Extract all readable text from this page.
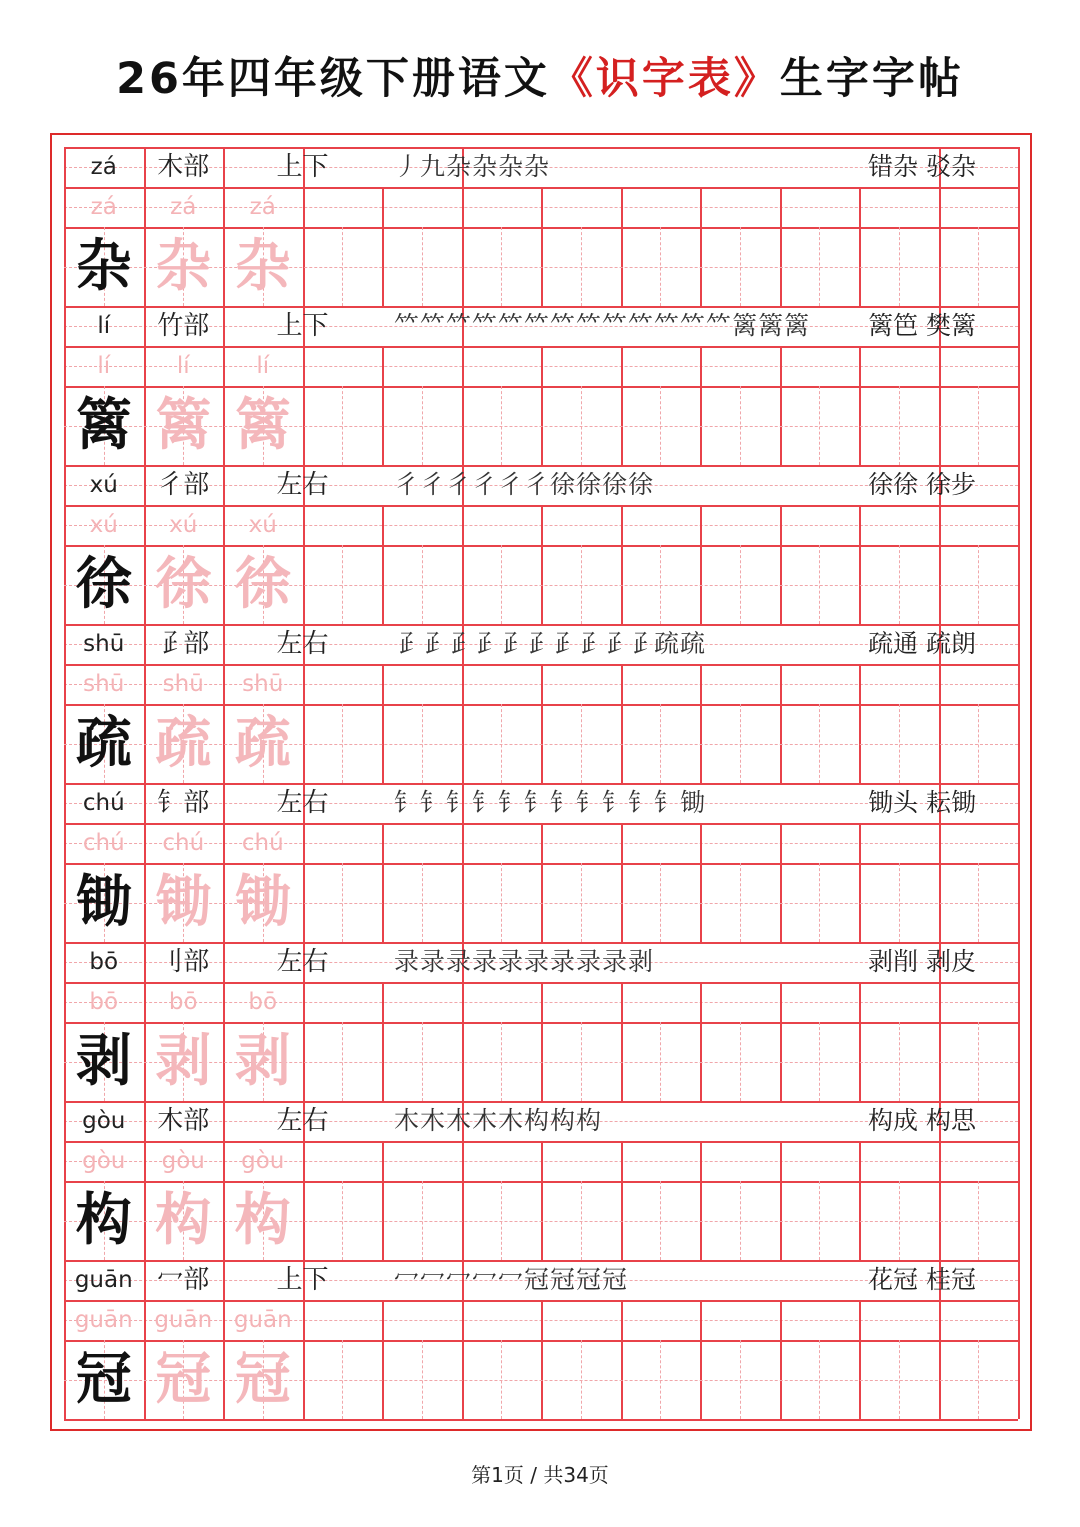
26年四年级下册语文《识字表》生字字帖
zá	木部	上下	丿九杂杂杂杂	错杂 驳杂
zá	zá	zá
杂 杂 杂
lí	竹部	上下	𥫗𥫗𥫗𥫗𥫗𥫗𥫗𥫗𥫗𥫗𥫗𥫗𥫗篱篱篱	篱笆 樊篱
lí	lí	lí
篱 篱 篱
xú	彳部	左右	彳彳彳彳彳彳徐徐徐徐	徐徐 徐步
xú	xú	xú
徐 徐 徐
shū	𤴔部	左右	𤴔𤴔𤴔𤴔𤴔𤴔𤴔𤴔𤴔𤴔疏疏	疏通 疏朗
shū	shū	shū
疏 疏 疏
chú	钅部	左右	钅钅钅钅钅钅钅钅钅钅钅锄	锄头 耘锄
chú	chú	chú
锄 锄 锄
bō	刂部	左右	录录录录录录录录录剥	剥削 剥皮
bō	bō	bō
剥 剥 剥
gòu	木部	左右	木木木木木构构构	构成 构思
gòu	gòu	gòu
构 构 构
guān 冖部	上下	冖冖冖冖冖冠冠冠冠	花冠 桂冠
guān guān guān
冠 冠 冠
第1页 / 共34页
